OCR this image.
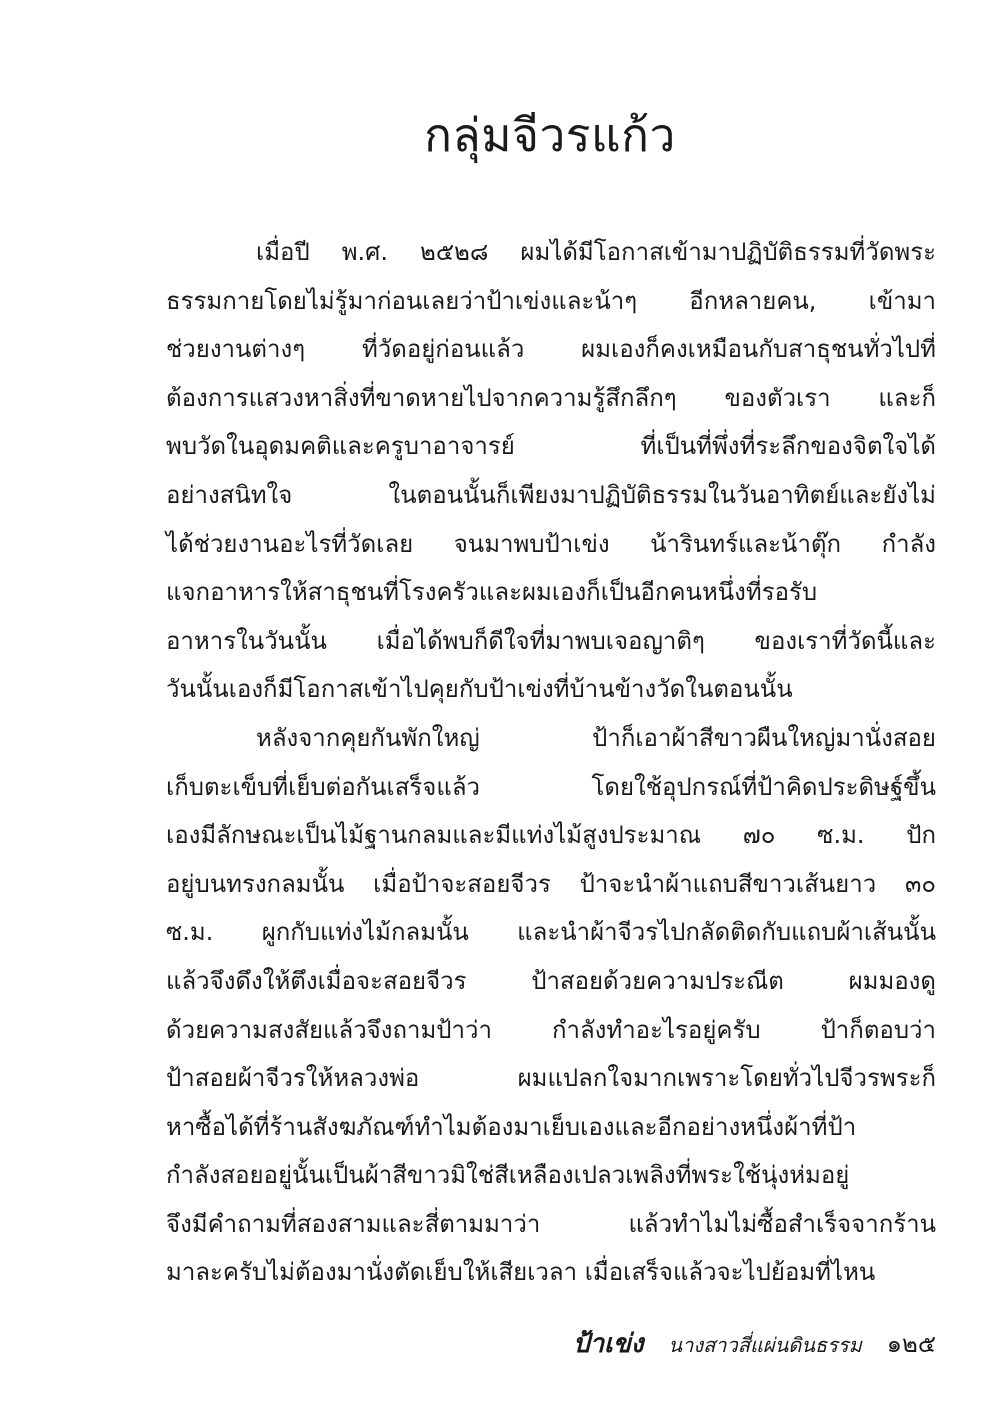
กลุ่มจีวรแก้ว
เมื่อปี พ.ศ. ๒๕๒๘ ผมได้มีโอกาสเข้ามาปฏิบัติธรรมที่วัดพระ
ธรรมกายโดยไม่รู้มาก่อนเลยว่าป้าเข่งและน้าๆ อีกหลายคน, เข้ามา
ช่วยงานต่างๆ ที่วัดอยู่ก่อนแล้ว ผมเองก็คงเหมือนกับสาธุชนทั่วไปที่
ต้องการแสวงหาสิ่งที่ขาดหายไปจากความรู้สึกลึกๆ ของตัวเรา และก็
พบวัดในอุดมคติและครูบาอาจารย์ ที่เป็นที่พึ่งที่ระลึกของจิตใจได้
อย่างสนิทใจ ในตอนนั้นก็เพียงมาปฏิบัติธรรมในวันอาทิตย์และยังไม่
ได้ช่วยงานอะไรที่วัดเลย จนมาพบป้าเข่ง น้ารินทร์และน้าตุ๊ก กำลัง
แจกอาหารให้สาธุชนที่โรงครัวและผมเองก็เป็นอีกคนหนึ่งที่รอรับ
อาหารในวันนั้น เมื่อได้พบก็ดีใจที่มาพบเจอญาติๆ ของเราที่วัดนี้และ
วันนั้นเองก็มีโอกาสเข้าไปคุยกับป้าเข่งที่บ้านข้างวัดในตอนนั้น
หลังจากคุยกันพักใหญ่ ป้าก็เอาผ้าสีขาวผืนใหญ่มานั่งสอย
เก็บตะเข็บที่เย็บต่อกันเสร็จแล้ว โดยใช้อุปกรณ์ที่ป้าคิดประดิษฐ์ขึ้น
เองมีลักษณะเป็นไม้ฐานกลมและมีแท่งไม้สูงประมาณ ๗๐ ซ.ม. ปัก
อยู่บนทรงกลมนั้น เมื่อป้าจะสอยจีวร ป้าจะนำผ้าแถบสีขาวเส้นยาว ๓๐
ซ.ม. ผูกกับแท่งไม้กลมนั้น และนำผ้าจีวรไปกลัดติดกับแถบผ้าเส้นนั้น
แล้วจึงดึงให้ตึงเมื่อจะสอยจีวร ป้าสอยด้วยความประณีต ผมมองดู
ด้วยความสงสัยแล้วจึงถามป้าว่า กำลังทำอะไรอยู่ครับ ป้าก็ตอบว่า
ป้าสอยผ้าจีวรให้หลวงพ่อ ผมแปลกใจมากเพราะโดยทั่วไปจีวรพระก็
หาซื้อได้ที่ร้านสังฆภัณฑ์ทำไมต้องมาเย็บเองและอีกอย่างหนึ่งผ้าที่ป้า
กำลังสอยอยู่นั้นเป็นผ้าสีขาวมิใช่สีเหลืองเปลวเพลิงที่พระใช้นุ่งห่มอยู่
จึงมีคำถามที่สองสามและสี่ตามมาว่า แล้วทำไมไม่ซื้อสำเร็จจากร้าน
มาละครับไม่ต้องมานั่งตัดเย็บให้เสียเวลา เมื่อเสร็จแล้วจะไปย้อมที่ไหน
ป้าเข่ง นางสาวสี่แผ่นดินธรรม ๑๒๕
